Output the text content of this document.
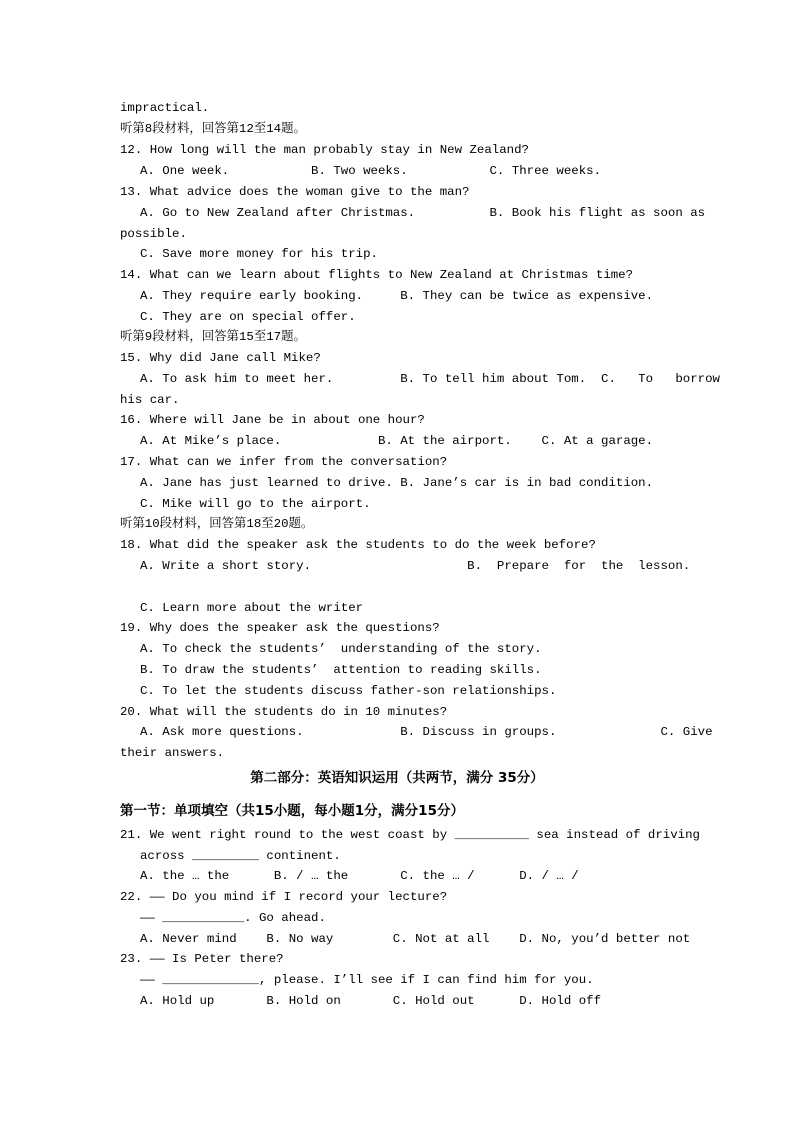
impractical.
听第8段材料，回答第12至14题。
12. How long will the man probably stay in New Zealand?
A. One week.           B. Two weeks.           C. Three weeks.
13. What advice does the woman give to the man?
A. Go to New Zealand after Christmas.          B. Book his flight as soon as
possible.
C. Save more money for his trip.
14. What can we learn about flights to New Zealand at Christmas time?
A. They require early booking.     B. They can be twice as expensive.
C. They are on special offer.
听第9段材料，回答第15至17题。
15. Why did Jane call Mike?
A. To ask him to meet her.         B. To tell him about Tom.  C.   To   borrow
his car.
16. Where will Jane be in about one hour?
A. At Mike’s place.             B. At the airport.    C. At a garage.
17. What can we infer from the conversation?
A. Jane has just learned to drive. B. Jane’s car is in bad condition.
C. Mike will go to the airport.
听第10段材料，回答第18至20题。
18. What did the speaker ask the students to do the week before?
A. Write a short story.                     B.  Prepare  for  the  lesson.
C. Learn more about the writer
19. Why does the speaker ask the questions?
A. To check the students’  understanding of the story.
B. To draw the students’  attention to reading skills.
C. To let the students discuss father-son relationships.
20. What will the students do in 10 minutes?
A. Ask more questions.             B. Discuss in groups.              C. Give
their answers.
第二部分：英语知识运用（共两节，满分 35分）
第一节：单项填空（共15小题，每小题1分，满分15分）
21. We went right round to the west coast by __________ sea instead of driving
across _________ continent.
A. the … the      B. / … the       C. the … /      D. / … /
22. —— Do you mind if I record your lecture?
—— ___________. Go ahead.
A. Never mind    B. No way        C. Not at all    D. No, you’d better not
23. —— Is Peter there?
—— _____________, please. I’ll see if I can find him for you.
A. Hold up       B. Hold on       C. Hold out      D. Hold off
